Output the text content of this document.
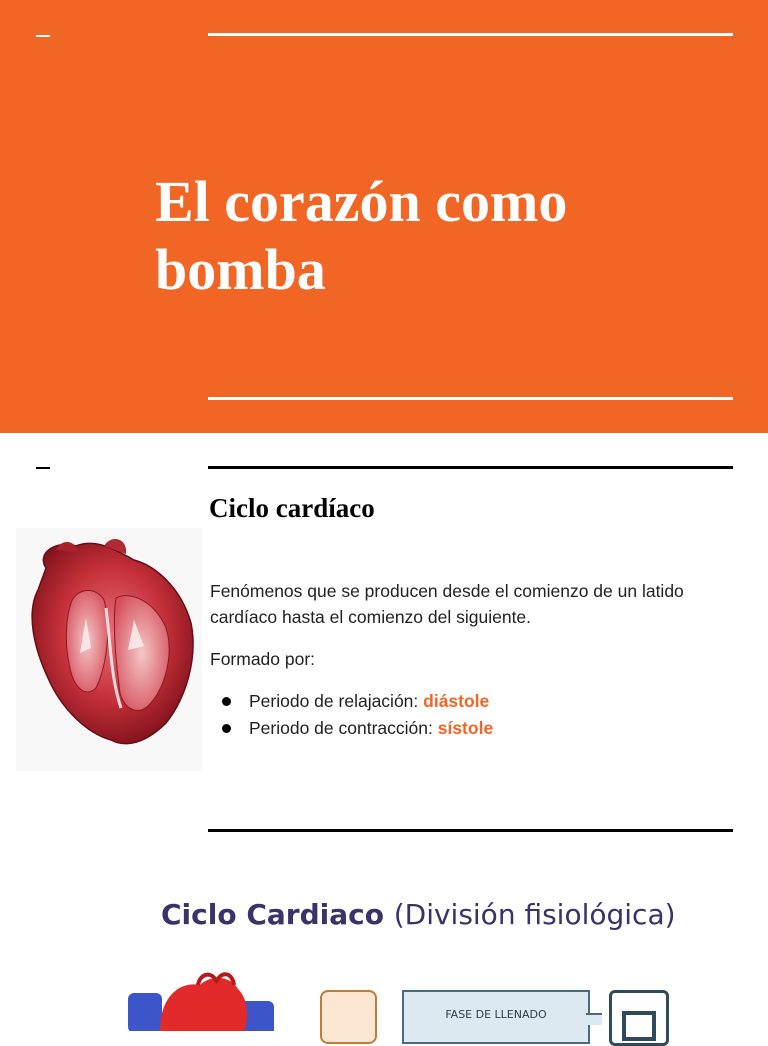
El corazón como bomba
Ciclo cardíaco

Fenómenos que se producen desde el comienzo de un latido cardíaco hasta el comienzo del siguiente.

Formado por:

Periodo de relajación: diástole
Periodo de contracción: sístole
Ciclo Cardiaco (División fisiológica)
FASE DE LLENADO
